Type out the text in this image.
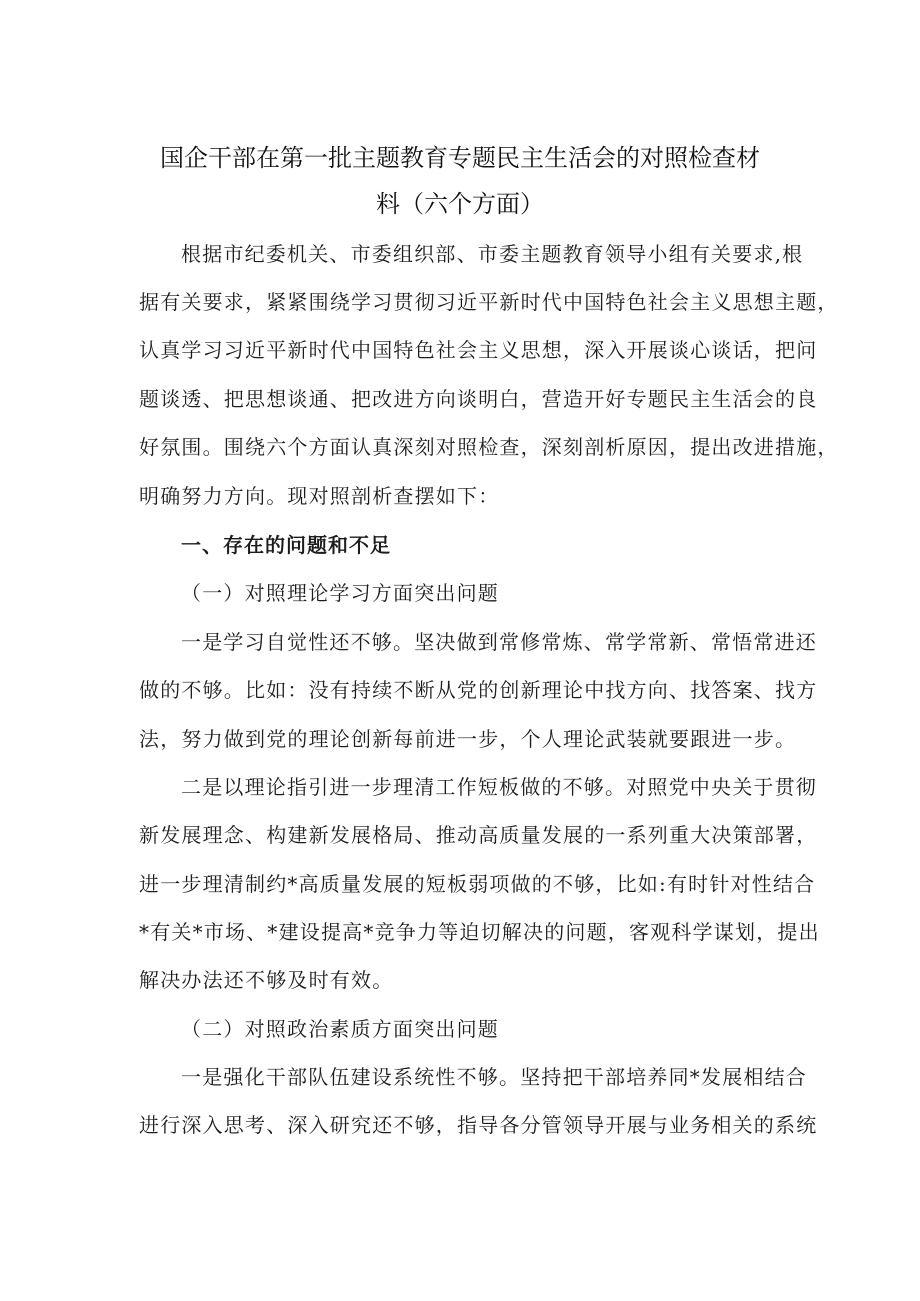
国企干部在第一批主题教育专题民主生活会的对照检查材
料（六个方面）
根据市纪委机关、市委组织部、市委主题教育领导小组有关要求,根
据有关要求，紧紧围绕学习贯彻习近平新时代中国特色社会主义思想主题，
认真学习习近平新时代中国特色社会主义思想，深入开展谈心谈话，把问
题谈透、把思想谈通、把改进方向谈明白，营造开好专题民主生活会的良
好氛围。围绕六个方面认真深刻对照检查，深刻剖析原因，提出改进措施，
明确努力方向。现对照剖析查摆如下：
一、存在的问题和不足
（一）对照理论学习方面突出问题
一是学习自觉性还不够。坚决做到常修常炼、常学常新、常悟常进还
做的不够。比如：没有持续不断从党的创新理论中找方向、找答案、找方
法，努力做到党的理论创新每前进一步，个人理论武装就要跟进一步。
二是以理论指引进一步理清工作短板做的不够。对照党中央关于贯彻
新发展理念、构建新发展格局、推动高质量发展的一系列重大决策部署，
进一步理清制约*高质量发展的短板弱项做的不够，比如:有时针对性结合
*有关*市场、*建设提高*竞争力等迫切解决的问题，客观科学谋划，提出
解决办法还不够及时有效。
（二）对照政治素质方面突出问题
一是强化干部队伍建设系统性不够。坚持把干部培养同*发展相结合
进行深入思考、深入研究还不够，指导各分管领导开展与业务相关的系统
